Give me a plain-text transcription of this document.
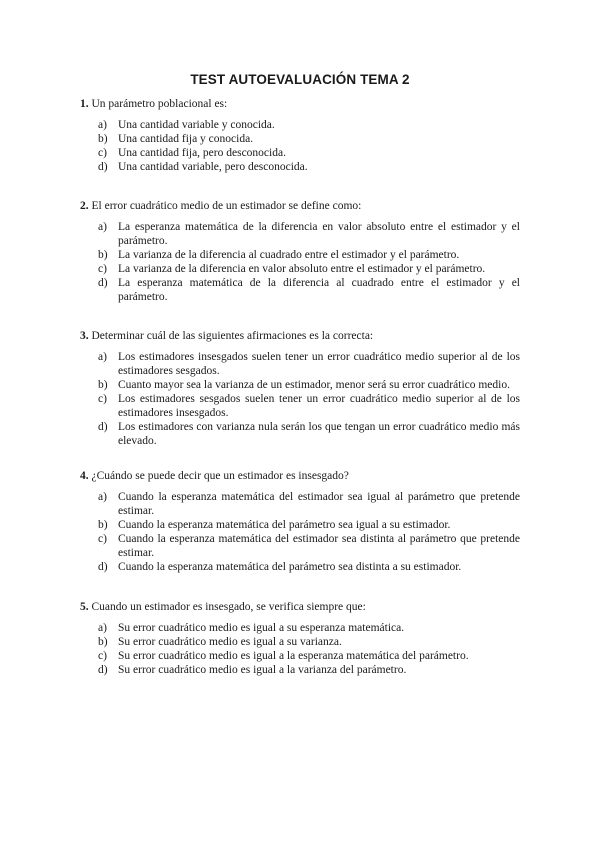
TEST AUTOEVALUACIÓN TEMA 2
1. Un parámetro poblacional es:
a) Una cantidad variable y conocida.
b) Una cantidad fija y conocida.
c) Una cantidad fija, pero desconocida.
d) Una cantidad variable, pero desconocida.
2. El error cuadrático medio de un estimador se define como:
a) La esperanza matemática de la diferencia en valor absoluto entre el estimador y el parámetro.
b) La varianza de la diferencia al cuadrado entre el estimador y el parámetro.
c) La varianza de la diferencia en valor absoluto entre el estimador y el parámetro.
d) La esperanza matemática de la diferencia al cuadrado entre el estimador y el parámetro.
3. Determinar cuál de las siguientes afirmaciones es la correcta:
a) Los estimadores insesgados suelen tener un error cuadrático medio superior al de los estimadores sesgados.
b) Cuanto mayor sea la varianza de un estimador, menor será su error cuadrático medio.
c) Los estimadores sesgados suelen tener un error cuadrático medio superior al de los estimadores insesgados.
d) Los estimadores con varianza nula serán los que tengan un error cuadrático medio más elevado.
4. ¿Cuándo se puede decir que un estimador es insesgado?
a) Cuando la esperanza matemática del estimador sea igual al parámetro que pretende estimar.
b) Cuando la esperanza matemática del parámetro sea igual a su estimador.
c) Cuando la esperanza matemática del estimador sea distinta al parámetro que pretende estimar.
d) Cuando la esperanza matemática del parámetro sea distinta a su estimador.
5. Cuando un estimador es insesgado, se verifica siempre que:
a) Su error cuadrático medio es igual a su esperanza matemática.
b) Su error cuadrático medio es igual a su varianza.
c) Su error cuadrático medio es igual a la esperanza matemática del parámetro.
d) Su error cuadrático medio es igual a la varianza del parámetro.
